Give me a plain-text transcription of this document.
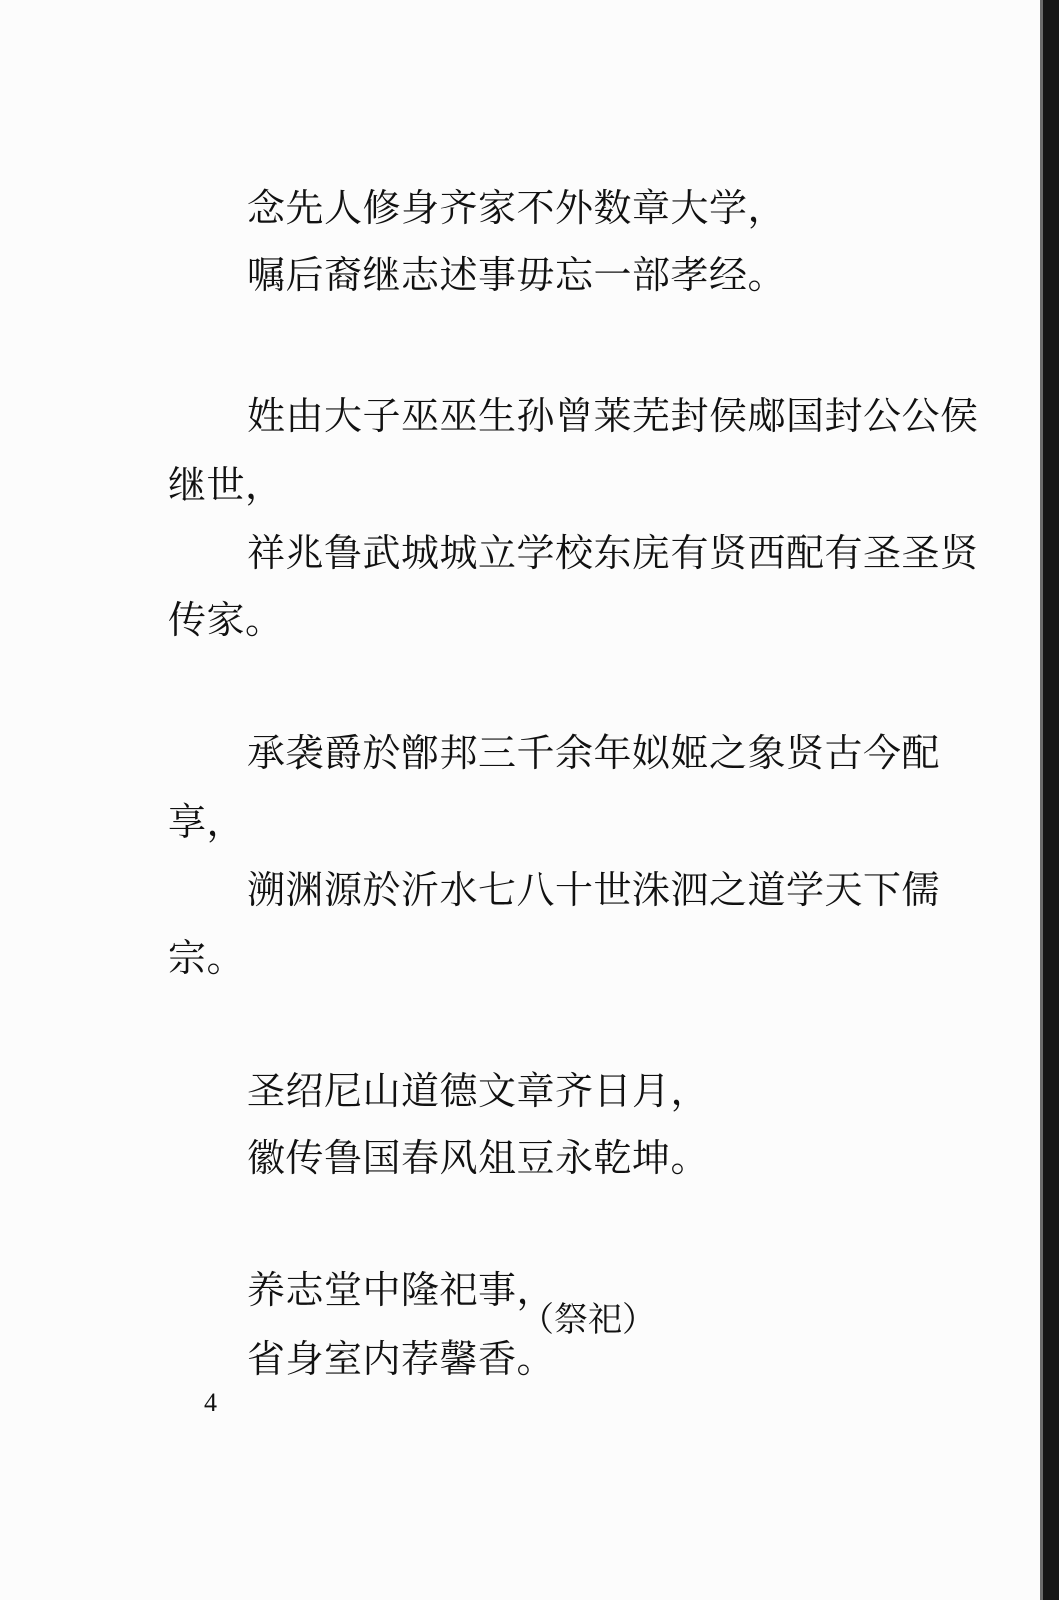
念先人修身齐家不外数章大学，
嘱后裔继志述事毋忘一部孝经。
姓由大子巫巫生孙曾莱芜封侯郕国封公公侯
继世，
祥兆鲁武城城立学校东庑有贤西配有圣圣贤
传家。
承袭爵於鄫邦三千余年姒姬之象贤古今配
享，
溯渊源於沂水七八十世洙泗之道学天下儒
宗。
圣绍尼山道德文章齐日月，
徽传鲁国春风俎豆永乾坤。
养志堂中隆祀事，
（祭祀）
省身室内荐馨香。
4
